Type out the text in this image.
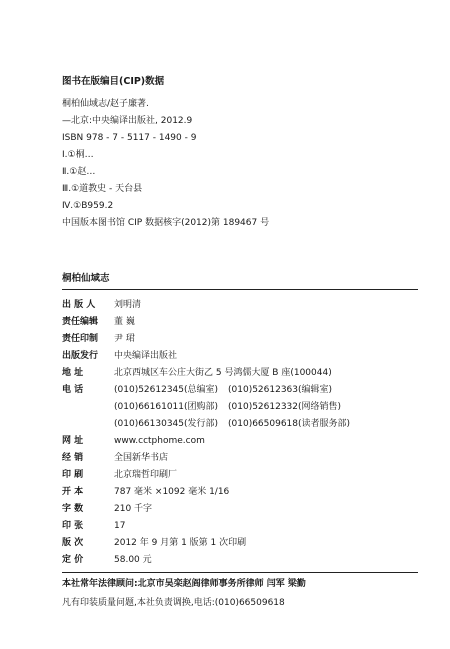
图书在版编目(CIP)数据
桐柏仙域志/赵子廉著.
—北京:中央编译出版社, 2012.9
ISBN 978 - 7 - 5117 - 1490 - 9
Ⅰ.①桐…
Ⅱ.①赵…
Ⅲ.①道教史 - 天台县
Ⅳ.①B959.2
中国版本图书馆 CIP 数据核字(2012)第 189467 号
桐柏仙域志
出 版 人	刘明清
责任编辑	董 巍
责任印制	尹 珺
出版发行	中央编译出版社
地 址	北京西城区车公庄大街乙 5 号鸿儒大厦 B 座(100044)
电 话	(010)52612345(总编室) (010)52612363(编辑室)
(010)66161011(团购部) (010)52612332(网络销售)
(010)66130345(发行部) (010)66509618(读者服务部)
网 址	www.cctphome.com
经 销	全国新华书店
印 刷	北京瑞哲印刷厂
开 本	787 毫米 ×1092 毫米 1/16
字 数	210 千字
印 张	17
版 次	2012 年 9 月第 1 版第 1 次印刷
定 价	58.00 元
本社常年法律顾问:北京市吴栾赵阎律师事务所律师 闫军 梁勤
凡有印装质量问题,本社负责调换,电话:(010)66509618
